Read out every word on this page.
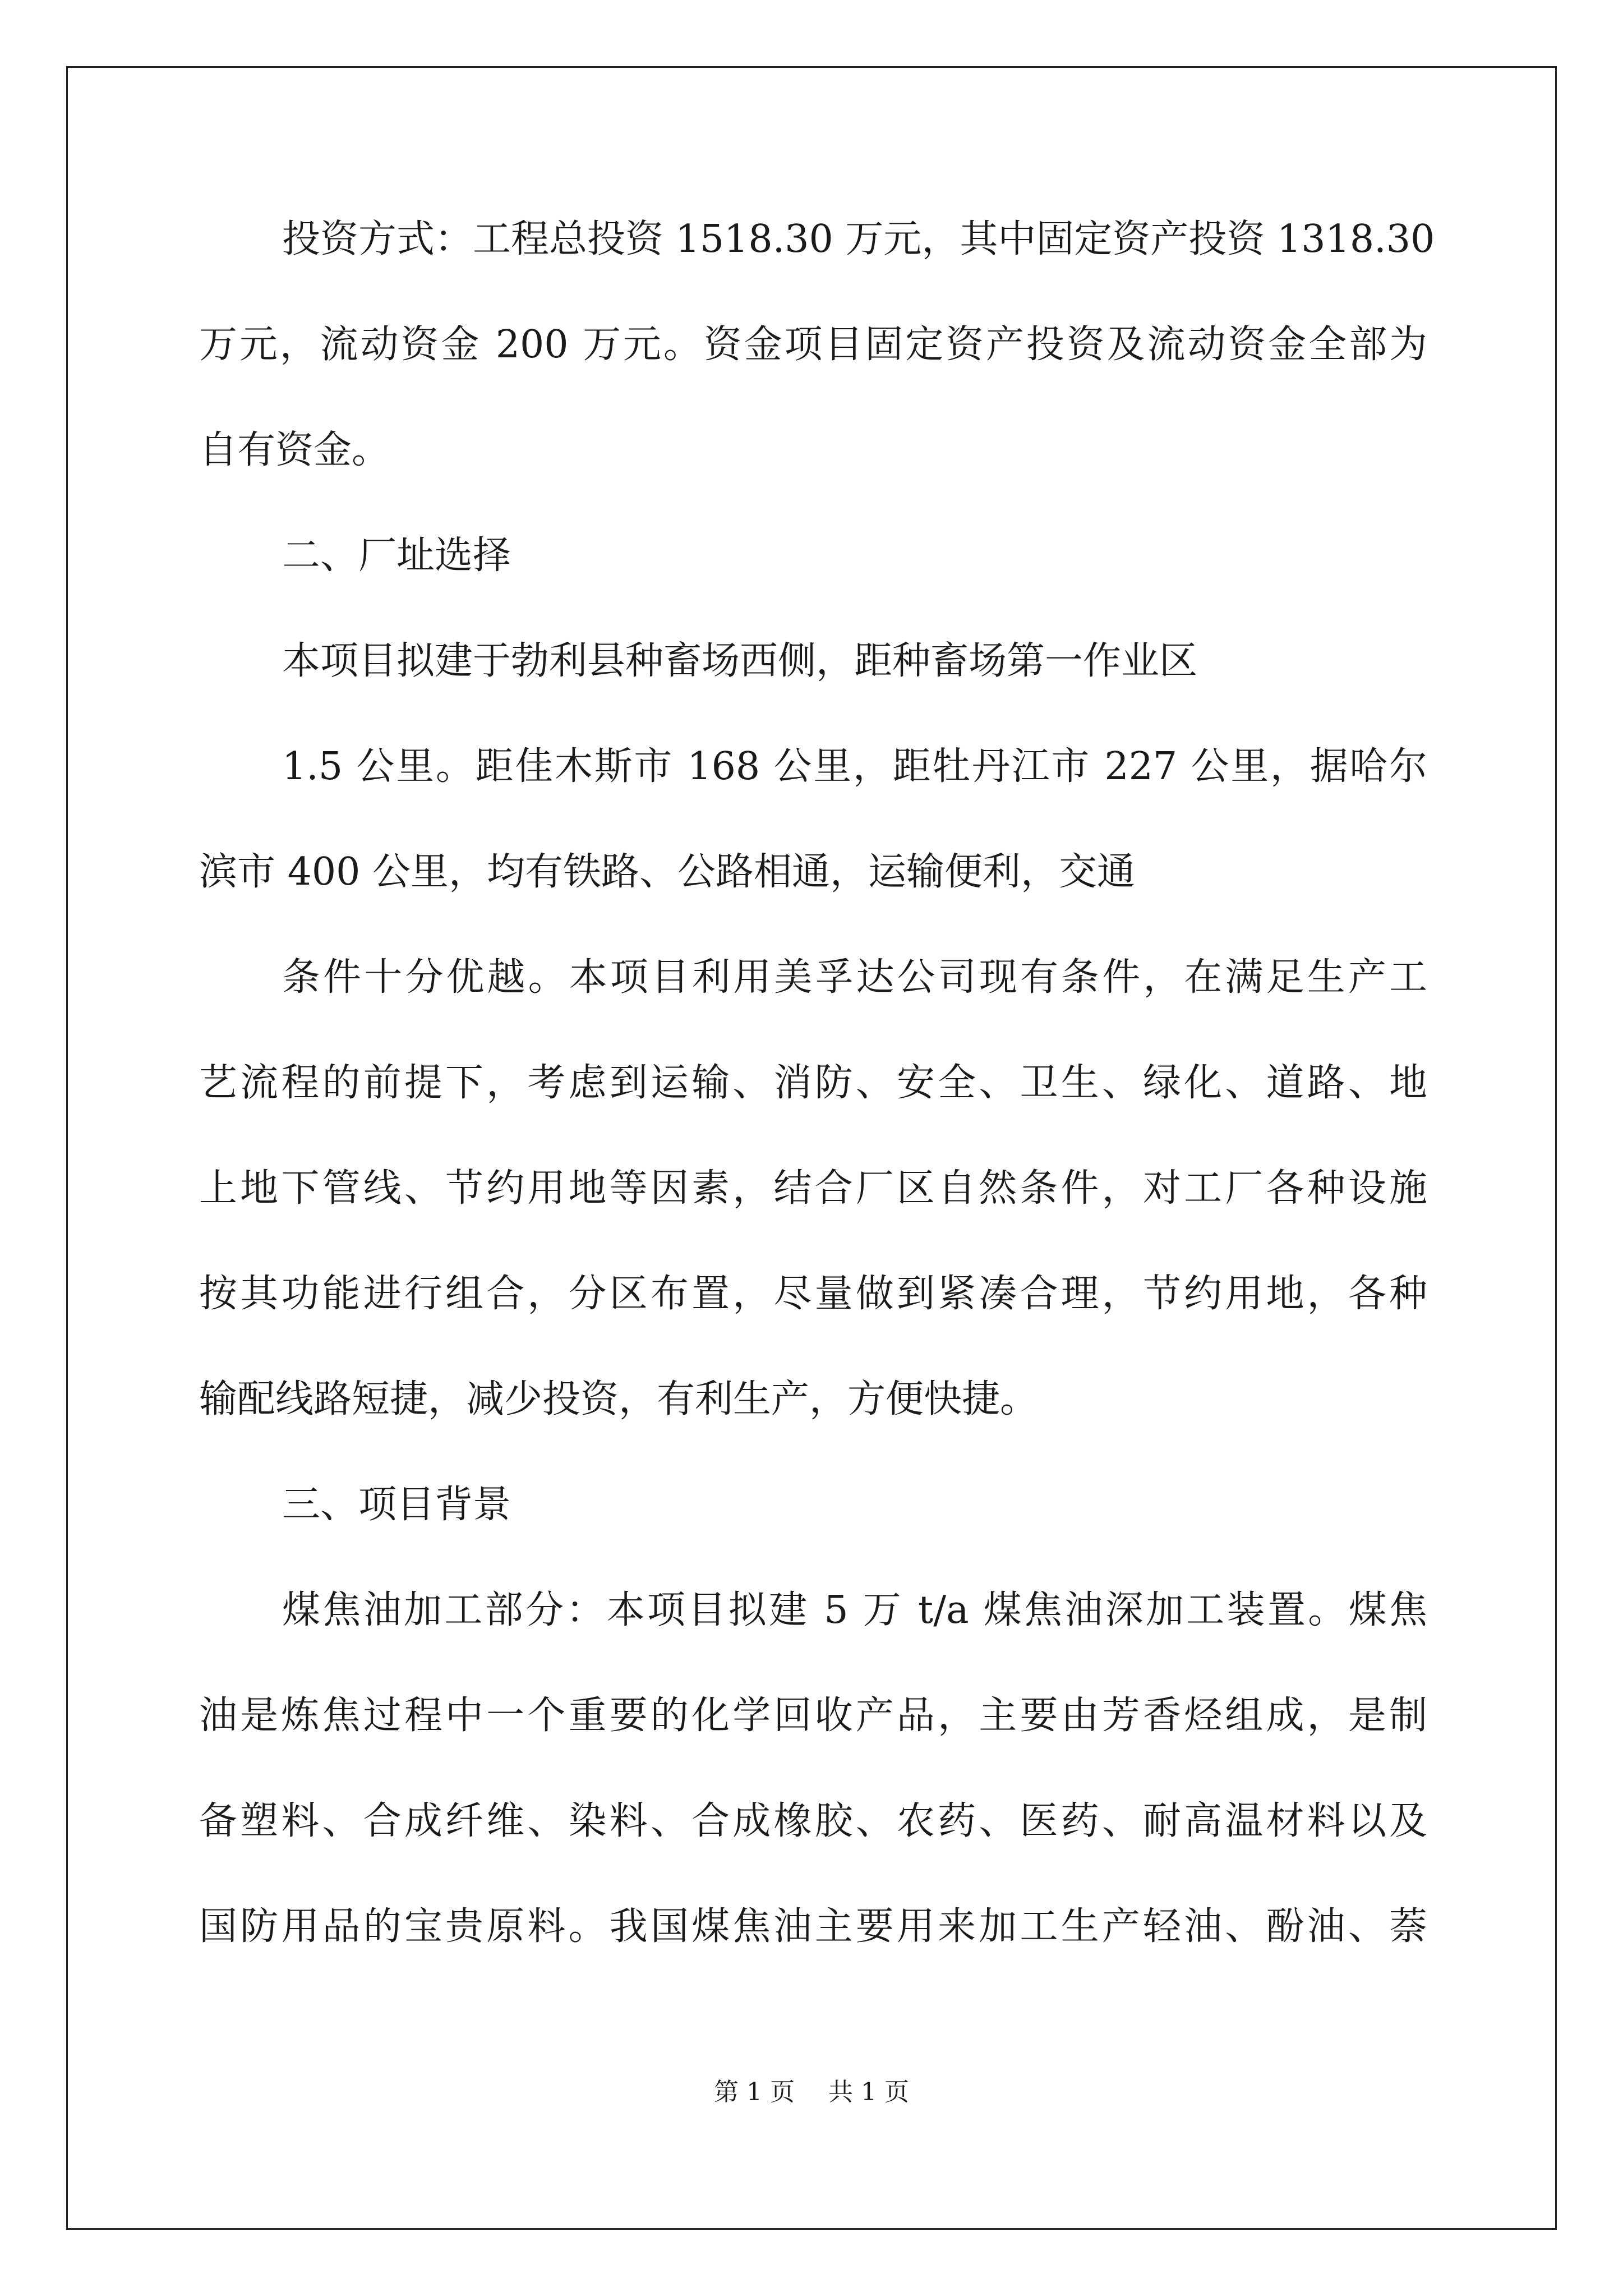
投资方式：工程总投资 1518.30 万元，其中固定资产投资 1318.30
万元，流动资金 200 万元。资金项目固定资产投资及流动资金全部为
自有资金。
二、厂址选择
本项目拟建于勃利县种畜场西侧，距种畜场第一作业区
1.5 公里。距佳木斯市 168 公里，距牡丹江市 227 公里，据哈尔
滨市 400 公里，均有铁路、公路相通，运输便利，交通
条件十分优越。本项目利用美孚达公司现有条件，在满足生产工
艺流程的前提下，考虑到运输、消防、安全、卫生、绿化、道路、地
上地下管线、节约用地等因素，结合厂区自然条件，对工厂各种设施
按其功能进行组合，分区布置，尽量做到紧凑合理，节约用地，各种
输配线路短捷，减少投资，有利生产，方便快捷。
三、项目背景
煤焦油加工部分：本项目拟建 5 万 t/a 煤焦油深加工装置。煤焦
油是炼焦过程中一个重要的化学回收产品，主要由芳香烃组成，是制
备塑料、合成纤维、染料、合成橡胶、农药、医药、耐高温材料以及
国防用品的宝贵原料。我国煤焦油主要用来加工生产轻油、酚油、萘
第 1 页 共 1 页
